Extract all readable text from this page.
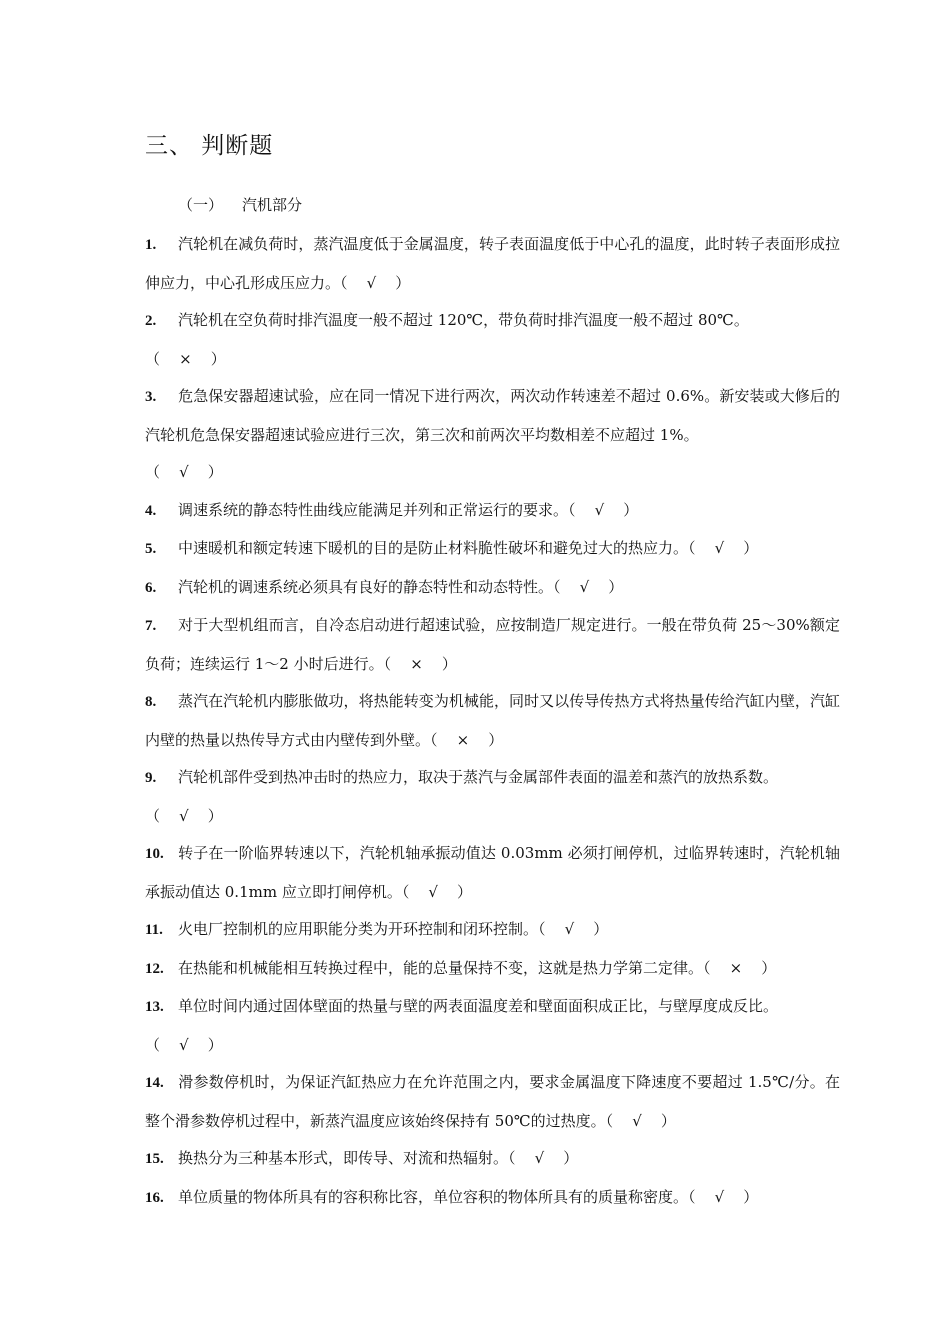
三、 判断题
（一） 汽机部分
1. 汽轮机在减负荷时，蒸汽温度低于金属温度，转子表面温度低于中心孔的温度，此时转子表面形成拉伸应力，中心孔形成压应力。（    √    ）
2. 汽轮机在空负荷时排汽温度一般不超过 120℃，带负荷时排汽温度一般不超过 80℃。
（    ×    ）
3. 危急保安器超速试验，应在同一情况下进行两次，两次动作转速差不超过 0.6%。新安装或大修后的汽轮机危急保安器超速试验应进行三次，第三次和前两次平均数相差不应超过 1%。
（    √    ）
4. 调速系统的静态特性曲线应能满足并列和正常运行的要求。（    √    ）
5. 中速暖机和额定转速下暖机的目的是防止材料脆性破坏和避免过大的热应力。（    √    ）
6. 汽轮机的调速系统必须具有良好的静态特性和动态特性。（    √    ）
7. 对于大型机组而言，自冷态启动进行超速试验，应按制造厂规定进行。一般在带负荷 25～30%额定负荷；连续运行 1～2 小时后进行。（    ×    ）
8. 蒸汽在汽轮机内膨胀做功，将热能转变为机械能，同时又以传导传热方式将热量传给汽缸内壁，汽缸内壁的热量以热传导方式由内壁传到外壁。（    ×    ）
9. 汽轮机部件受到热冲击时的热应力，取决于蒸汽与金属部件表面的温差和蒸汽的放热系数。
（    √    ）
10. 转子在一阶临界转速以下，汽轮机轴承振动值达 0.03mm 必须打闸停机，过临界转速时，汽轮机轴承振动值达 0.1mm 应立即打闸停机。（    √    ）
11. 火电厂控制机的应用职能分类为开环控制和闭环控制。（    √    ）
12. 在热能和机械能相互转换过程中，能的总量保持不变，这就是热力学第二定律。（    ×    ）
13. 单位时间内通过固体壁面的热量与壁的两表面温度差和壁面面积成正比，与壁厚度成反比。
（    √    ）
14. 滑参数停机时，为保证汽缸热应力在允许范围之内，要求金属温度下降速度不要超过 1.5℃/分。在整个滑参数停机过程中，新蒸汽温度应该始终保持有 50℃的过热度。（    √    ）
15. 换热分为三种基本形式，即传导、对流和热辐射。（    √    ）
16. 单位质量的物体所具有的容积称比容，单位容积的物体所具有的质量称密度。（    √    ）
